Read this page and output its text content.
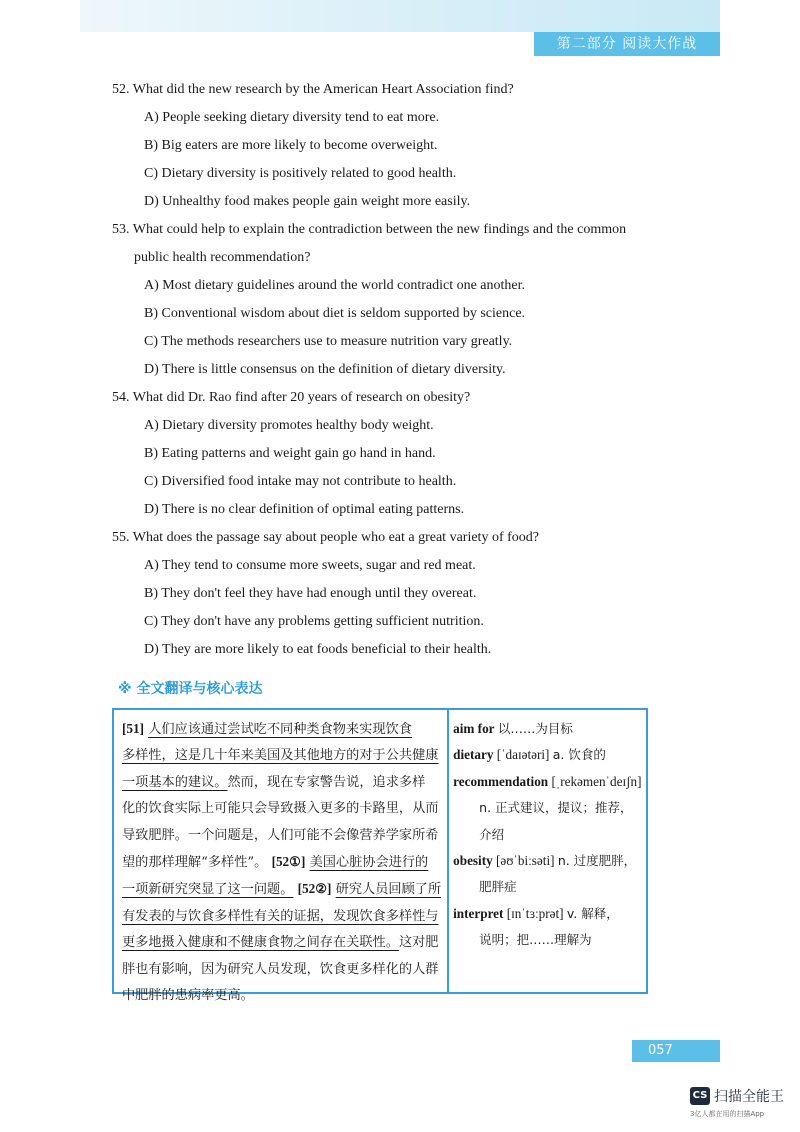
第二部分 阅读大作战
52. What did the new research by the American Heart Association find?
A) People seeking dietary diversity tend to eat more.
B) Big eaters are more likely to become overweight.
C) Dietary diversity is positively related to good health.
D) Unhealthy food makes people gain weight more easily.
53. What could help to explain the contradiction between the new findings and the common
public health recommendation?
A) Most dietary guidelines around the world contradict one another.
B) Conventional wisdom about diet is seldom supported by science.
C) The methods researchers use to measure nutrition vary greatly.
D) There is little consensus on the definition of dietary diversity.
54. What did Dr. Rao find after 20 years of research on obesity?
A) Dietary diversity promotes healthy body weight.
B) Eating patterns and weight gain go hand in hand.
C) Diversified food intake may not contribute to health.
D) There is no clear definition of optimal eating patterns.
55. What does the passage say about people who eat a great variety of food?
A) They tend to consume more sweets, sugar and red meat.
B) They don't feel they have had enough until they overeat.
C) They don't have any problems getting sufficient nutrition.
D) They are more likely to eat foods beneficial to their health.
※ 全文翻译与核心表达
[51] 人们应该通过尝试吃不同种类食物来实现饮食
多样性，这是几十年来美国及其他地方的对于公共健康
一项基本的建议。然而，现在专家警告说，追求多样
化的饮食实际上可能只会导致摄入更多的卡路里，从而
导致肥胖。一个问题是，人们可能不会像营养学家所希
望的那样理解“多样性”。 [52①] 美国心脏协会进行的
一项新研究突显了这一问题。 [52②] 研究人员回顾了所
有发表的与饮食多样性有关的证据，发现饮食多样性与
更多地摄入健康和不健康食物之间存在关联性。这对肥
胖也有影响，因为研究人员发现，饮食更多样化的人群
中肥胖的患病率更高。
aim for 以……为目标
dietary [ˈdaɪətəri] a. 饮食的
recommendation [ˌrekəmenˈdeɪʃn]
n. 正式建议，提议；推荐，
介绍
obesity [əʊˈbiːsəti] n. 过度肥胖，
肥胖症
interpret [ɪnˈtɜːprət] v. 解释，
说明；把……理解为
057
CS 扫描全能王
3亿人都在用的扫描App
